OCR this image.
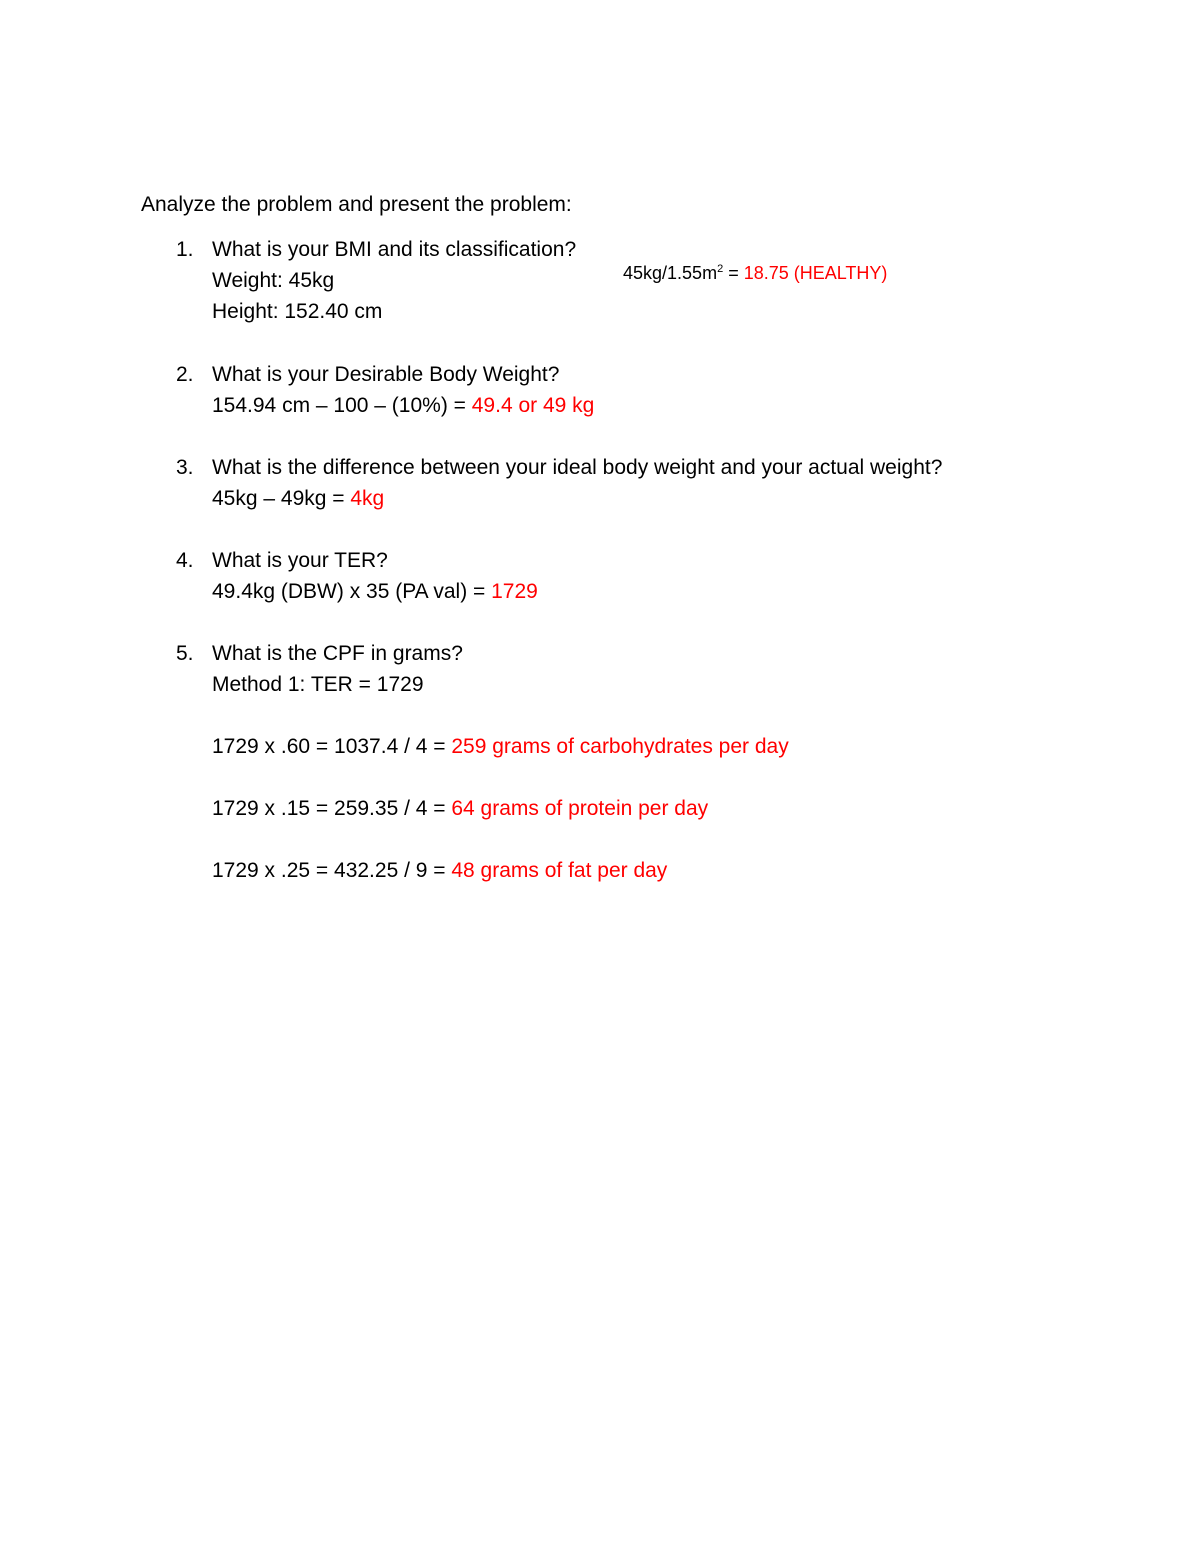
Analyze the problem and present the problem:

1. What is your BMI and its classification?
Weight: 45kg
Height: 152.40 cm
$45kg/1.55m^2 = 18.75$ (HEALTHY)
2. What is your Desirable Body Weight?
154.94 cm – 100 – (10%) = 49.4 or 49 kg
3. What is the difference between your ideal body weight and your actual weight?
45kg – 49kg = 4kg
4. What is your TER?
49.4kg (DBW) x 35 (PA val) = 1729
5. What is the CPF in grams?
Method 1: TER = 1729
1729 x .60 = 1037.4 / 4 = 259 grams of carbohydrates per day
1729 x .15 = 259.35 / 4 = 64 grams of protein per day
1729 x .25 = 432.25 / 9 = 48 grams of fat per day
